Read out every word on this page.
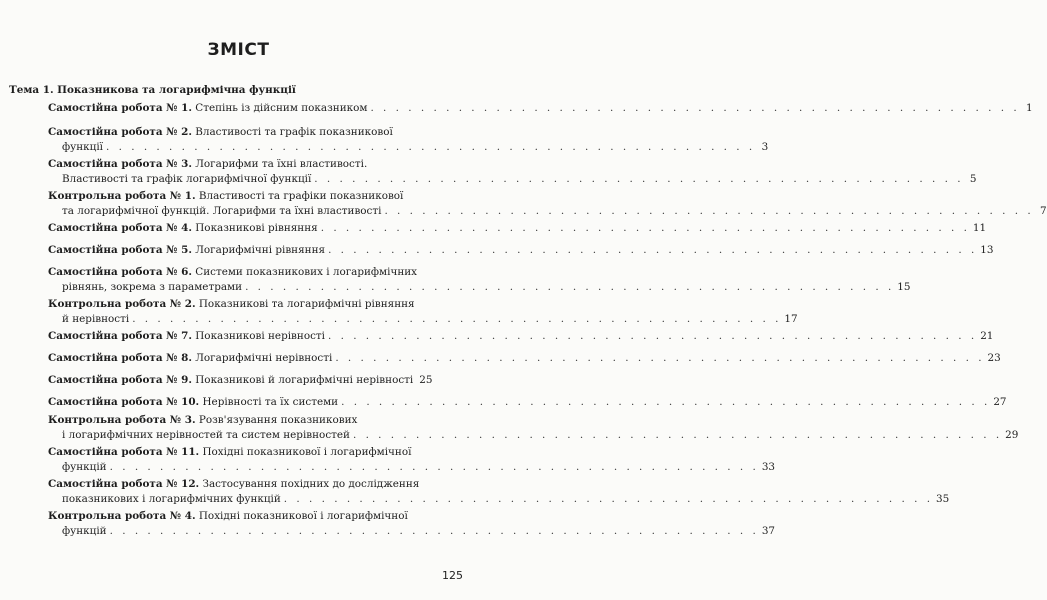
ЗМІСТ
Тема 1. Показникова та логарифмічна функції
Самостійна робота № 1. Степінь із дійсним показником . . . . . . . . . . . . . . . . . . . . . . . . . . . . . . . . . . . . . . . . . . . . . . . . . . . . 1
Самостійна робота № 2. Властивості та графік показникової
функції . . . . . . . . . . . . . . . . . . . . . . . . . . . . . . . . . . . . . . . . . . . . . . . . . . . . 3
Самостійна робота № 3. Логарифми та їхні властивості.
Властивості та графік логарифмічної функції . . . . . . . . . . . . . . . . . . . . . . . . . . . . . . . . . . . . . . . . . . . . . . . . . . . . 5
Контрольна робота № 1. Властивості та графіки показникової
та логарифмічної функцій. Логарифми та їхні властивості . . . . . . . . . . . . . . . . . . . . . . . . . . . . . . . . . . . . . . . . . . . . . . . . . . . . 7
Самостійна робота № 4. Показникові рівняння . . . . . . . . . . . . . . . . . . . . . . . . . . . . . . . . . . . . . . . . . . . . . . . . . . . . 11
Самостійна робота № 5. Логарифмічні рівняння . . . . . . . . . . . . . . . . . . . . . . . . . . . . . . . . . . . . . . . . . . . . . . . . . . . . 13
Самостійна робота № 6. Системи показникових і логарифмічних
рівнянь, зокрема з параметрами . . . . . . . . . . . . . . . . . . . . . . . . . . . . . . . . . . . . . . . . . . . . . . . . . . . . 15
Контрольна робота № 2. Показникові та логарифмічні рівняння
й нерівності . . . . . . . . . . . . . . . . . . . . . . . . . . . . . . . . . . . . . . . . . . . . . . . . . . . . 17
Самостійна робота № 7. Показникові нерівності . . . . . . . . . . . . . . . . . . . . . . . . . . . . . . . . . . . . . . . . . . . . . . . . . . . . 21
Самостійна робота № 8. Логарифмічні нерівності . . . . . . . . . . . . . . . . . . . . . . . . . . . . . . . . . . . . . . . . . . . . . . . . . . . . 23
Самостійна робота № 9. Показникові й логарифмічні нерівності 25
Самостійна робота № 10. Нерівності та їх системи . . . . . . . . . . . . . . . . . . . . . . . . . . . . . . . . . . . . . . . . . . . . . . . . . . . . 27
Контрольна робота № 3. Розв'язування показникових
і логарифмічних нерівностей та систем нерівностей . . . . . . . . . . . . . . . . . . . . . . . . . . . . . . . . . . . . . . . . . . . . . . . . . . . . 29
Самостійна робота № 11. Похідні показникової і логарифмічної
функцій . . . . . . . . . . . . . . . . . . . . . . . . . . . . . . . . . . . . . . . . . . . . . . . . . . . . 33
Самостійна робота № 12. Застосування похідних до дослідження
показникових і логарифмічних функцій . . . . . . . . . . . . . . . . . . . . . . . . . . . . . . . . . . . . . . . . . . . . . . . . . . . . 35
Контрольна робота № 4. Похідні показникової і логарифмічної
функцій . . . . . . . . . . . . . . . . . . . . . . . . . . . . . . . . . . . . . . . . . . . . . . . . . . . . 37
125
